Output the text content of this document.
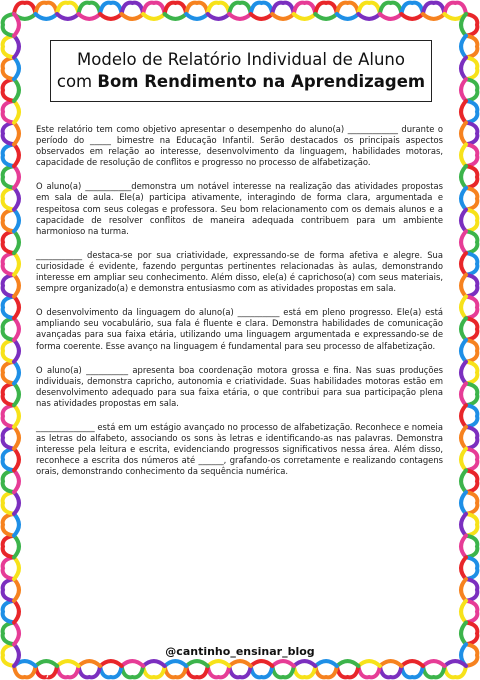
Modelo de Relatório Individual de Aluno
com Bom Rendimento na Aprendizagem

Este relatório tem como objetivo apresentar o desempenho do aluno(a) ____________ durante o período do _____ bimestre na Educação Infantil. Serão destacados os principais aspectos observados em relação ao interesse, desenvolvimento da linguagem, habilidades motoras, capacidade de resolução de conflitos e progresso no processo de alfabetização.

O aluno(a) ___________demonstra um notável interesse na realização das atividades propostas em sala de aula. Ele(a) participa ativamente, interagindo de forma clara, argumentada e respeitosa com seus colegas e professora. Seu bom relacionamento com os demais alunos e a capacidade de resolver conflitos de maneira adequada contribuem para um ambiente harmonioso na turma.

___________ destaca-se por sua criatividade, expressando-se de forma afetiva e alegre. Sua curiosidade é evidente, fazendo perguntas pertinentes relacionadas às aulas, demonstrando interesse em ampliar seu conhecimento. Além disso, ele(a) é caprichoso(a) com seus materiais, sempre organizado(a) e demonstra entusiasmo com as atividades propostas em sala.

O desenvolvimento da linguagem do aluno(a) __________ está em pleno progresso. Ele(a) está ampliando seu vocabulário, sua fala é fluente e clara. Demonstra habilidades de comunicação avançadas para sua faixa etária, utilizando uma linguagem argumentada e expressando-se de forma coerente. Esse avanço na linguagem é fundamental para seu processo de alfabetização.

O aluno(a) __________ apresenta boa coordenação motora grossa e fina. Nas suas produções individuais, demonstra capricho, autonomia e criatividade. Suas habilidades motoras estão em desenvolvimento adequado para sua faixa etária, o que contribui para sua participação plena nas atividades propostas em sala.

______________ está em um estágio avançado no processo de alfabetização. Reconhece e nomeia as letras do alfabeto, associando os sons às letras e identificando-as nas palavras. Demonstra interesse pela leitura e escrita, evidenciando progressos significativos nessa área. Além disso, reconhece a escrita dos números até ______, grafando-os corretamente e realizando contagens orais, demonstrando conhecimento da sequência numérica.

@cantinho_ensinar_blog
